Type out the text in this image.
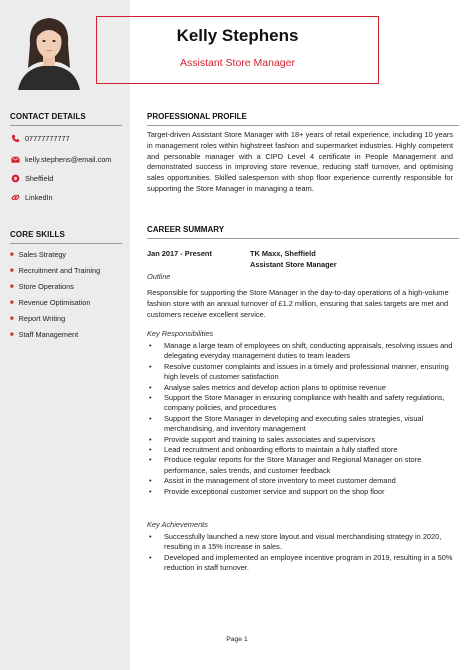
Kelly Stephens
Assistant Store Manager
CONTACT DETAILS
07777777777
kelly.stephens@email.com
Sheffield
LinkedIn
CORE SKILLS
■ Sales Strategy
■ Recruitment and Training
■ Store Operations
■ Revenue Optimisation
■ Report Writing
■ Staff Management
PROFESSIONAL PROFILE
Target-driven Assistant Store Manager with 18+ years of retail experience, including 10 years in management roles within highstreet fashion and supermarket industries. Highly competent and personable manager with a CIPD Level 4 certificate in People Management and demonstrated success in improving store revenue, reducing staff turnover, and optimising sales opportunities. Skilled salesperson with shop floor experience currently responsible for supporting the Store Manager in managing a team.
CAREER SUMMARY
Jan 2017 - Present	TK Maxx, Sheffield
Assistant Store Manager
Outline
Responsible for supporting the Store Manager in the day-to-day operations of a high-volume fashion store with an annual turnover of £1.2 million, ensuring that sales targets are met and customers receive excellent service.
Key Responsibilities
• Manage a large team of employees on shift, conducting appraisals, resolving issues and delegating everyday management duties to team leaders
• Resolve customer complaints and issues in a timely and professional manner, ensuring high levels of customer satisfaction
• Analyse sales metrics and develop action plans to optimise revenue
• Support the Store Manager in ensuring compliance with health and safety regulations, company policies, and procedures
• Support the Store Manager in developing and executing sales strategies, visual merchandising, and inventory management
• Provide support and training to sales associates and supervisors
• Lead recruitment and onboarding efforts to maintain a fully staffed store
• Produce regular reports for the Store Manager and Regional Manager on store performance, sales trends, and customer feedback
• Assist in the management of store inventory to meet customer demand
• Provide exceptional customer service and support on the shop floor
Key Achievements
• Successfully launched a new store layout and visual merchandising strategy in 2020, resulting in a 15% increase in sales.
• Developed and implemented an employee incentive program in 2019, resulting in a 50% reduction in staff turnover.
Page 1
